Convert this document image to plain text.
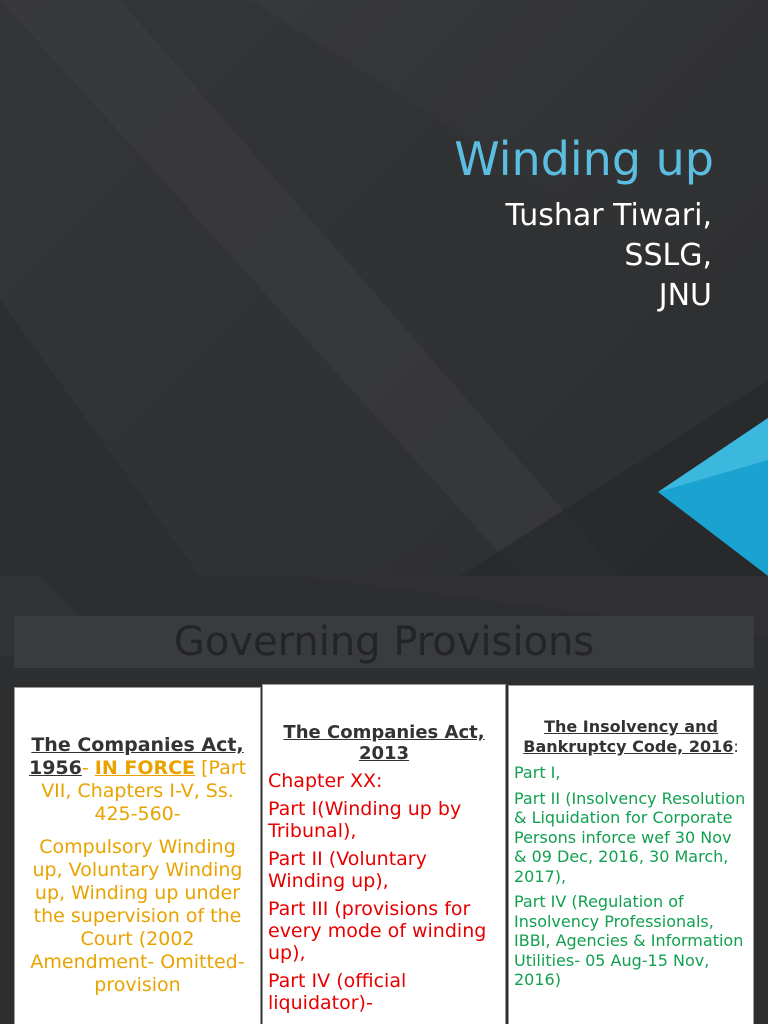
Winding up
Tushar Tiwari,
SSLG,
JNU
Governing Provisions
The Companies Act, 1956- IN FORCE [Part VII, Chapters I-V, Ss. 425-560-
Compulsory Winding up, Voluntary Winding up, Winding up under the supervision of the Court (2002 Amendment- Omitted- provision
The Companies Act, 2013
Chapter XX:
Part I(Winding up by Tribunal),
Part II (Voluntary Winding up),
Part III (provisions for every mode of winding up),
Part IV (official liquidator)-
The Insolvency and Bankruptcy Code, 2016:
Part I,
Part II (Insolvency Resolution & Liquidation for Corporate Persons inforce wef 30 Nov & 09 Dec, 2016, 30 March, 2017),
Part IV (Regulation of Insolvency Professionals, IBBI, Agencies & Information Utilities- 05 Aug-15 Nov, 2016)
